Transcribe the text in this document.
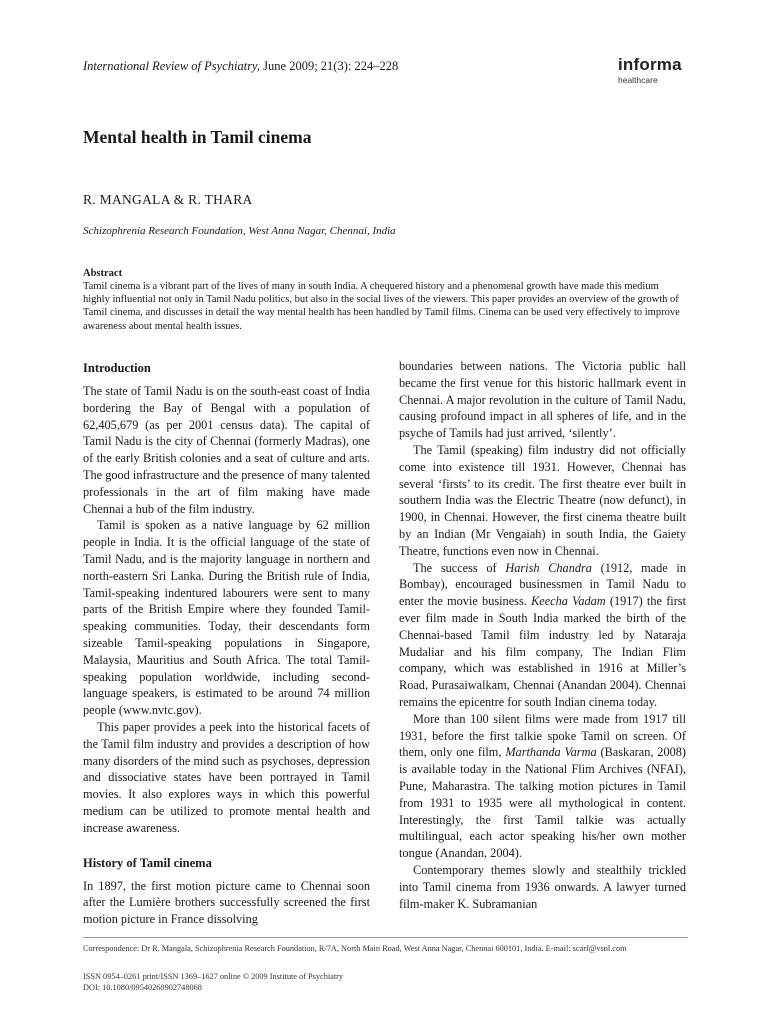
International Review of Psychiatry, June 2009; 21(3): 224–228	informa
healthcare
Mental health in Tamil cinema
R. MANGALA & R. THARA
Schizophrenia Research Foundation, West Anna Nagar, Chennai, India
Abstract
Tamil cinema is a vibrant part of the lives of many in south India. A chequered history and a phenomenal growth have made this medium highly influential not only in Tamil Nadu politics, but also in the social lives of the viewers. This paper provides an overview of the growth of Tamil cinema, and discusses in detail the way mental health has been handled by Tamil films. Cinema can be used very effectively to improve awareness about mental health issues.
Introduction

The state of Tamil Nadu is on the south-east coast of India bordering the Bay of Bengal with a population of 62,405,679 (as per 2001 census data). The capital of Tamil Nadu is the city of Chennai (formerly Madras), one of the early British colonies and a seat of culture and arts. The good infrastructure and the presence of many talented professionals in the art of film making have made Chennai a hub of the film industry.

Tamil is spoken as a native language by 62 million people in India. It is the official language of the state of Tamil Nadu, and is the majority language in northern and north-eastern Sri Lanka. During the British rule of India, Tamil-speaking indentured labourers were sent to many parts of the British Empire where they founded Tamil-speaking communities. Today, their descendants form sizeable Tamil-speaking populations in Singapore, Malaysia, Mauritius and South Africa. The total Tamil-speaking population worldwide, including second-language speakers, is estimated to be around 74 million people (www.nvtc.gov).

This paper provides a peek into the historical facets of the Tamil film industry and provides a description of how many disorders of the mind such as psychoses, depression and dissociative states have been portrayed in Tamil movies. It also explores ways in which this powerful medium can be utilized to promote mental health and increase awareness.

History of Tamil cinema

In 1897, the first motion picture came to Chennai soon after the Lumière brothers successfully screened the first motion picture in France dissolving

boundaries between nations. The Victoria public hall became the first venue for this historic hallmark event in Chennai. A major revolution in the culture of Tamil Nadu, causing profound impact in all spheres of life, and in the psyche of Tamils had just arrived, ‘silently’.

The Tamil (speaking) film industry did not officially come into existence till 1931. However, Chennai has several ‘firsts’ to its credit. The first theatre ever built in southern India was the Electric Theatre (now defunct), in 1900, in Chennai. However, the first cinema theatre built by an Indian (Mr Vengaiah) in south India, the Gaiety Theatre, functions even now in Chennai.

The success of Harish Chandra (1912, made in Bombay), encouraged businessmen in Tamil Nadu to enter the movie business. Keecha Vadam (1917) the first ever film made in South India marked the birth of the Chennai-based Tamil film industry led by Nataraja Mudaliar and his film company, The Indian Flim company, which was established in 1916 at Miller’s Road, Purasaiwalkam, Chennai (Anandan 2004). Chennai remains the epicentre for south Indian cinema today.

More than 100 silent films were made from 1917 till 1931, before the first talkie spoke Tamil on screen. Of them, only one film, Marthanda Varma (Baskaran, 2008) is available today in the National Flim Archives (NFAI), Pune, Maharastra. The talking motion pictures in Tamil from 1931 to 1935 were all mythological in content. Interestingly, the first Tamil talkie was actually multilingual, each actor speaking his/her own mother tongue (Anandan, 2004).

Contemporary themes slowly and stealthily trickled into Tamil cinema from 1936 onwards. A lawyer turned film-maker K. Subramanian

Correspondence: Dr R. Mangala, Schizophrenia Research Foundation, R/7A, North Main Road, West Anna Nagar, Chennai 600101, India. E-mail: scarf@vsnl.com
ISSN 0954–0261 print/ISSN 1369–1627 online © 2009 Institute of Psychiatry
DOI: 10.1080/09540260902748068
